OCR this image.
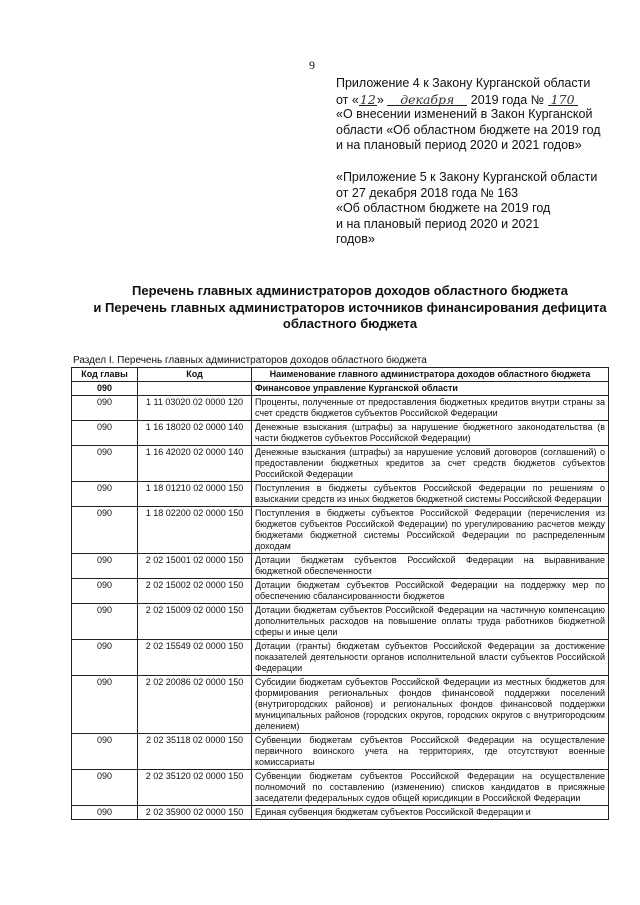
9
Приложение 4 к Закону Курганской области
от «12» декабря 2019 года № 170
«О внесении изменений в Закон Курганской
области «Об областном бюджете на 2019 год
и на плановый период 2020 и 2021 годов»
«Приложение 5 к Закону Курганской области
от 27 декабря 2018 года № 163
«Об областном бюджете на 2019 год
и на плановый период 2020 и 2021
годов»
Перечень главных администраторов доходов областного бюджета
и Перечень главных администраторов источников финансирования дефицита
областного бюджета
Раздел I. Перечень главных администраторов доходов областного бюджета
Код главы	Код	Наименование главного администратора доходов областного бюджета
090		Финансовое управление Курганской области
090	1 11 03020 02 0000 120	Проценты, полученные от предоставления бюджетных кредитов внутри страны за счет средств бюджетов субъектов Российской Федерации
090	1 16 18020 02 0000 140	Денежные взыскания (штрафы) за нарушение бюджетного законодательства (в части бюджетов субъектов Российской Федерации)
090	1 16 42020 02 0000 140	Денежные взыскания (штрафы) за нарушение условий договоров (соглашений) о предоставлении бюджетных кредитов за счет средств бюджетов субъектов Российской Федерации
090	1 18 01210 02 0000 150	Поступления в бюджеты субъектов Российской Федерации по решениям о взыскании средств из иных бюджетов бюджетной системы Российской Федерации
090	1 18 02200 02 0000 150	Поступления в бюджеты субъектов Российской Федерации (перечисления из бюджетов субъектов Российской Федерации) по урегулированию расчетов между бюджетами бюджетной системы Российской Федерации по распределенным доходам
090	2 02 15001 02 0000 150	Дотации бюджетам субъектов Российской Федерации на выравнивание бюджетной обеспеченности
090	2 02 15002 02 0000 150	Дотации бюджетам субъектов Российской Федерации на поддержку мер по обеспечению сбалансированности бюджетов
090	2 02 15009 02 0000 150	Дотации бюджетам субъектов Российской Федерации на частичную компенсацию дополнительных расходов на повышение оплаты труда работников бюджетной сферы и иные цели
090	2 02 15549 02 0000 150	Дотации (гранты) бюджетам субъектов Российской Федерации за достижение показателей деятельности органов исполнительной власти субъектов Российской Федерации
090	2 02 20086 02 0000 150	Субсидии бюджетам субъектов Российской Федерации из местных бюджетов для формирования региональных фондов финансовой поддержки поселений (внутригородских районов) и региональных фондов финансовой поддержки муниципальных районов (городских округов, городских округов с внутригородским делением)
090	2 02 35118 02 0000 150	Субвенции бюджетам субъектов Российской Федерации на осуществление первичного воинского учета на территориях, где отсутствуют военные комиссариаты
090	2 02 35120 02 0000 150	Субвенции бюджетам субъектов Российской Федерации на осуществление полномочий по составлению (изменению) списков кандидатов в присяжные заседатели федеральных судов общей юрисдикции в Российской Федерации
090	2 02 35900 02 0000 150	Единая субвенция бюджетам субъектов Российской Федерации и
